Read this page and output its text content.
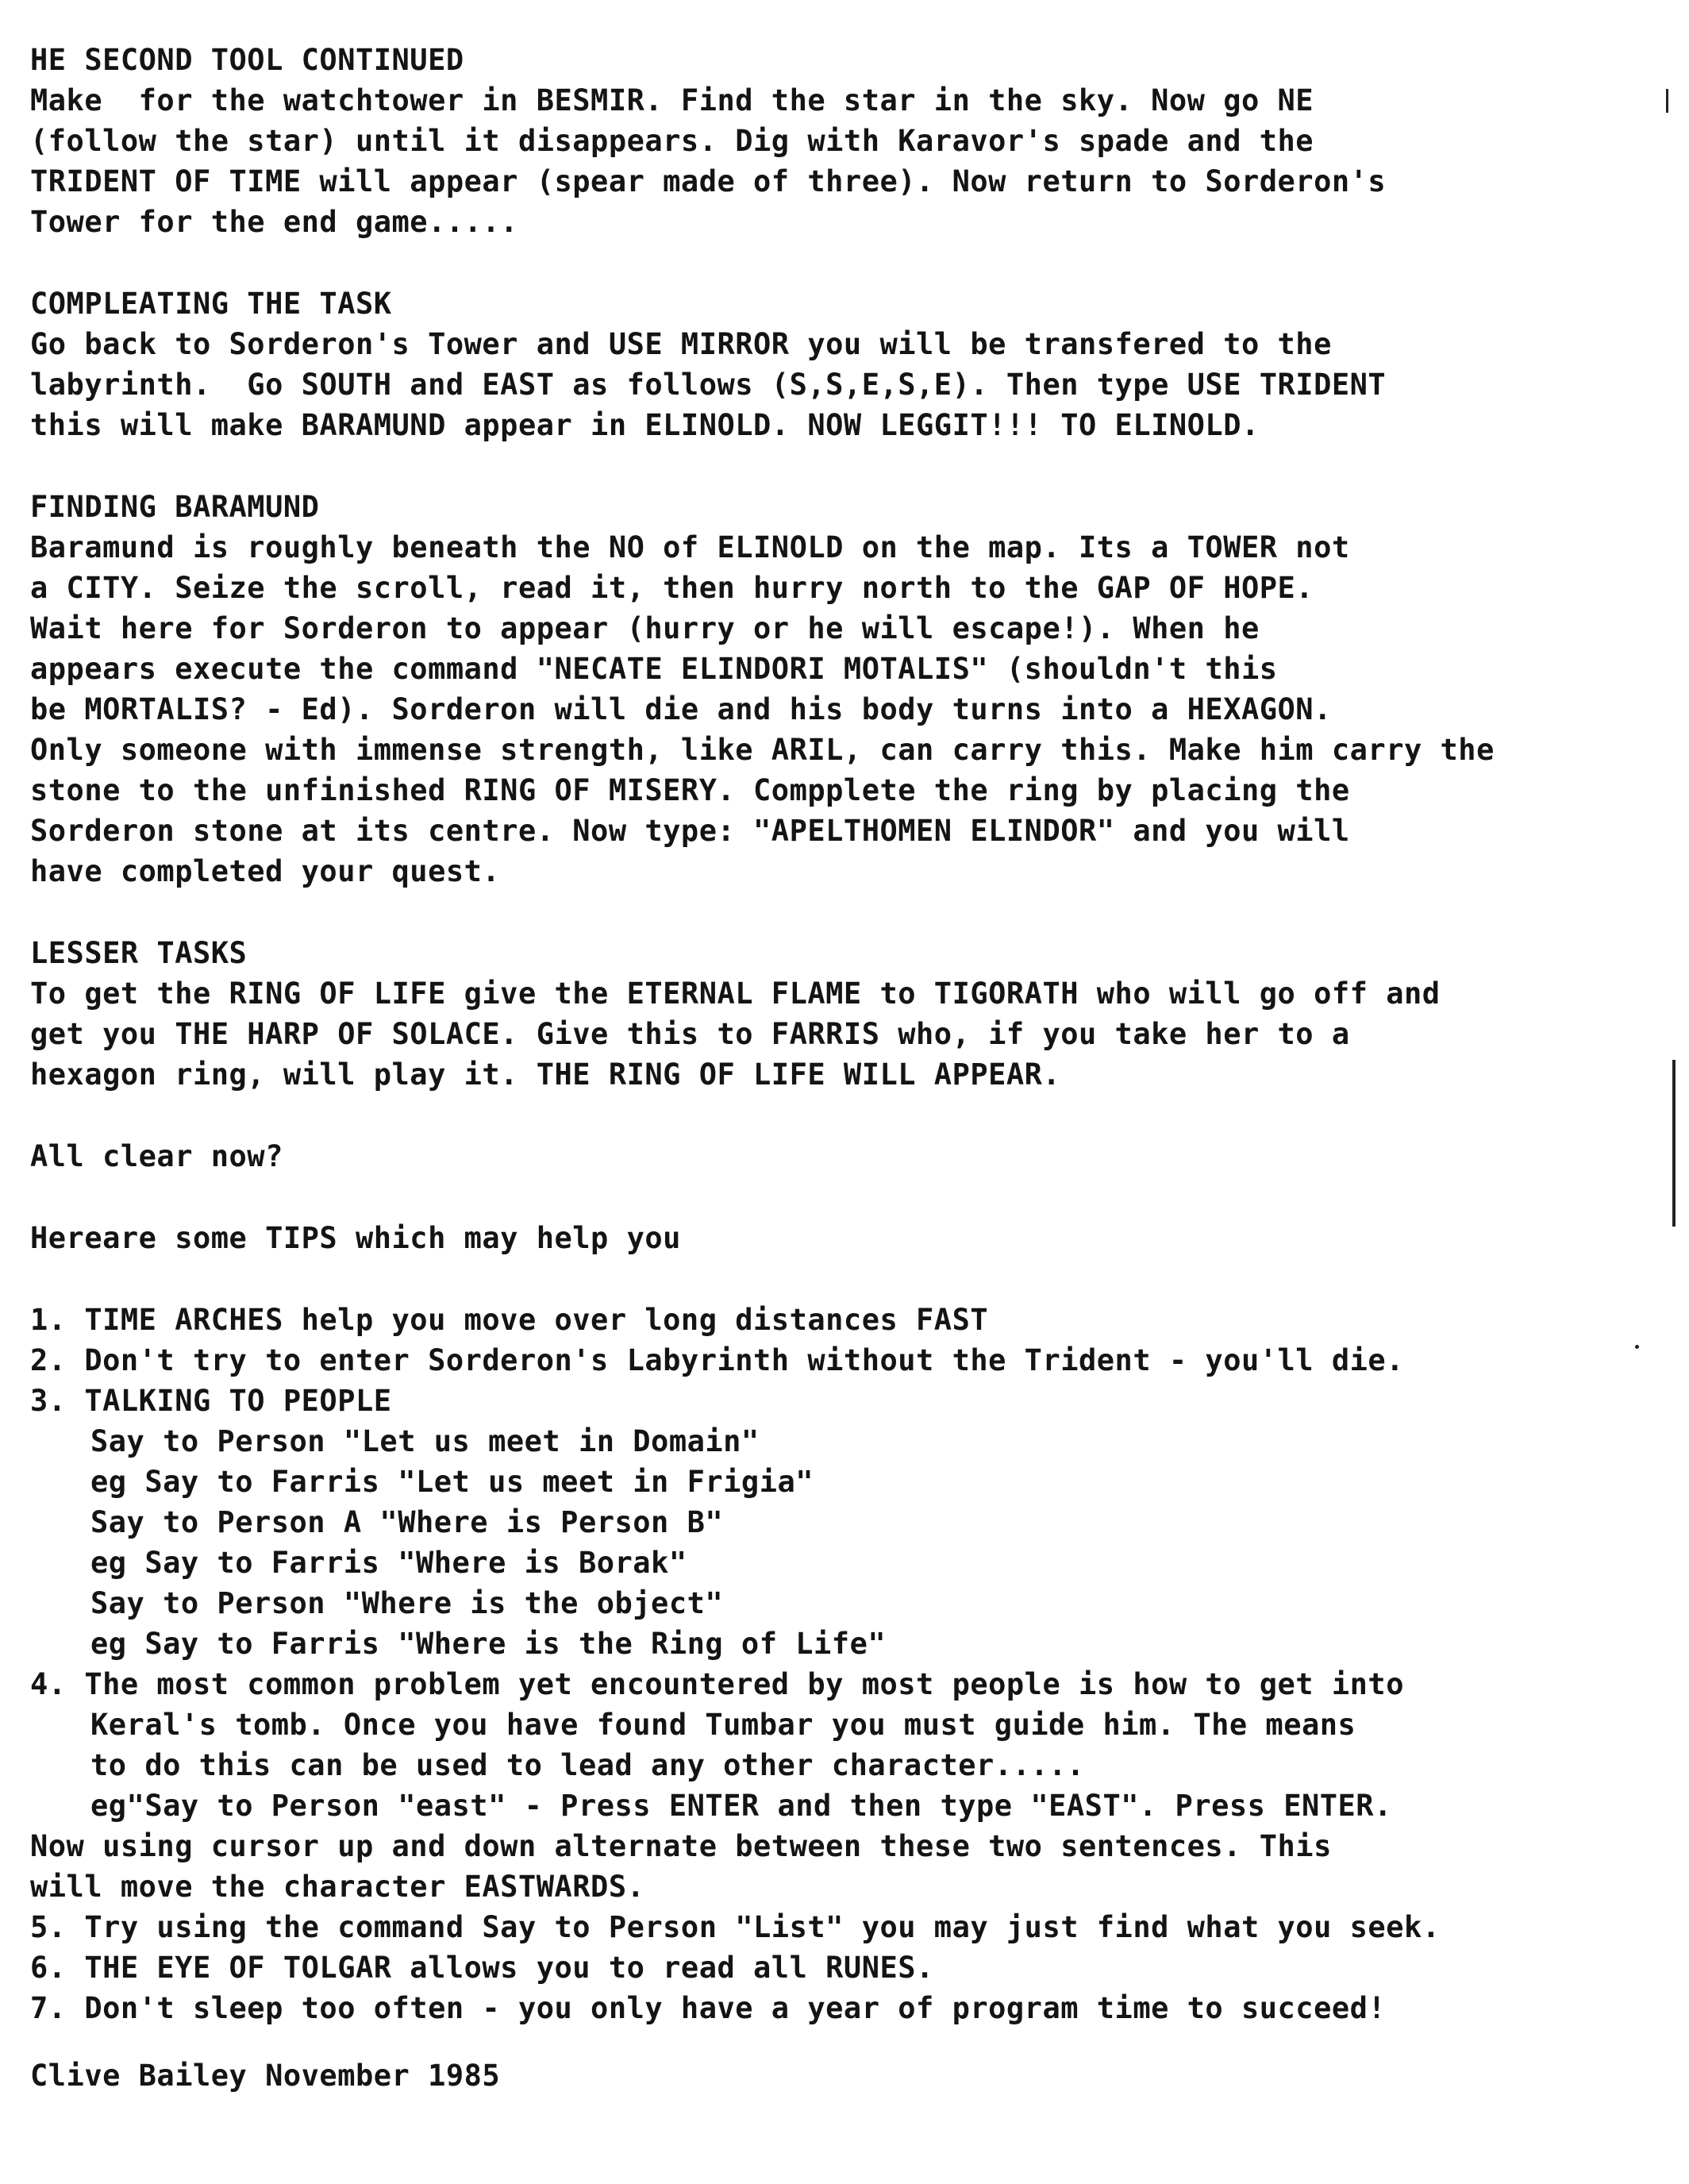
HE SECOND TOOL CONTINUED
Make  for the watchtower in BESMIR. Find the star in the sky. Now go NE
(follow the star) until it disappears. Dig with Karavor's spade and the
TRIDENT OF TIME will appear (spear made of three). Now return to Sorderon's
Tower for the end game.....
COMPLEATING THE TASK
Go back to Sorderon's Tower and USE MIRROR you will be transfered to the
labyrinth.  Go SOUTH and EAST as follows (S,S,E,S,E). Then type USE TRIDENT
this will make BARAMUND appear in ELINOLD. NOW LEGGIT!!! TO ELINOLD.
FINDING BARAMUND
Baramund is roughly beneath the NO of ELINOLD on the map. Its a TOWER not
a CITY. Seize the scroll, read it, then hurry north to the GAP OF HOPE.
Wait here for Sorderon to appear (hurry or he will escape!). When he
appears execute the command "NECATE ELINDORI MOTALIS" (shouldn't this
be MORTALIS? - Ed). Sorderon will die and his body turns into a HEXAGON.
Only someone with immense strength, like ARIL, can carry this. Make him carry the
stone to the unfinished RING OF MISERY. Compplete the ring by placing the
Sorderon stone at its centre. Now type: "APELTHOMEN ELINDOR" and you will
have completed your quest.
LESSER TASKS
To get the RING OF LIFE give the ETERNAL FLAME to TIGORATH who will go off and
get you THE HARP OF SOLACE. Give this to FARRIS who, if you take her to a
hexagon ring, will play it. THE RING OF LIFE WILL APPEAR.
All clear now?
Hereare some TIPS which may help you
1. TIME ARCHES help you move over long distances FAST
2. Don't try to enter Sorderon's Labyrinth without the Trident - you'll die.
3. TALKING TO PEOPLE
Say to Person "Let us meet in Domain"
eg Say to Farris "Let us meet in Frigia"
Say to Person A "Where is Person B"
eg Say to Farris "Where is Borak"
Say to Person "Where is the object"
eg Say to Farris "Where is the Ring of Life"
4. The most common problem yet encountered by most people is how to get into
Keral's tomb. Once you have found Tumbar you must guide him. The means
to do this can be used to lead any other character.....
eg"Say to Person "east" - Press ENTER and then type "EAST". Press ENTER.
Now using cursor up and down alternate between these two sentences. This
will move the character EASTWARDS.
5. Try using the command Say to Person "List" you may just find what you seek.
6. THE EYE OF TOLGAR allows you to read all RUNES.
7. Don't sleep too often - you only have a year of program time to succeed!
Clive Bailey November 1985
